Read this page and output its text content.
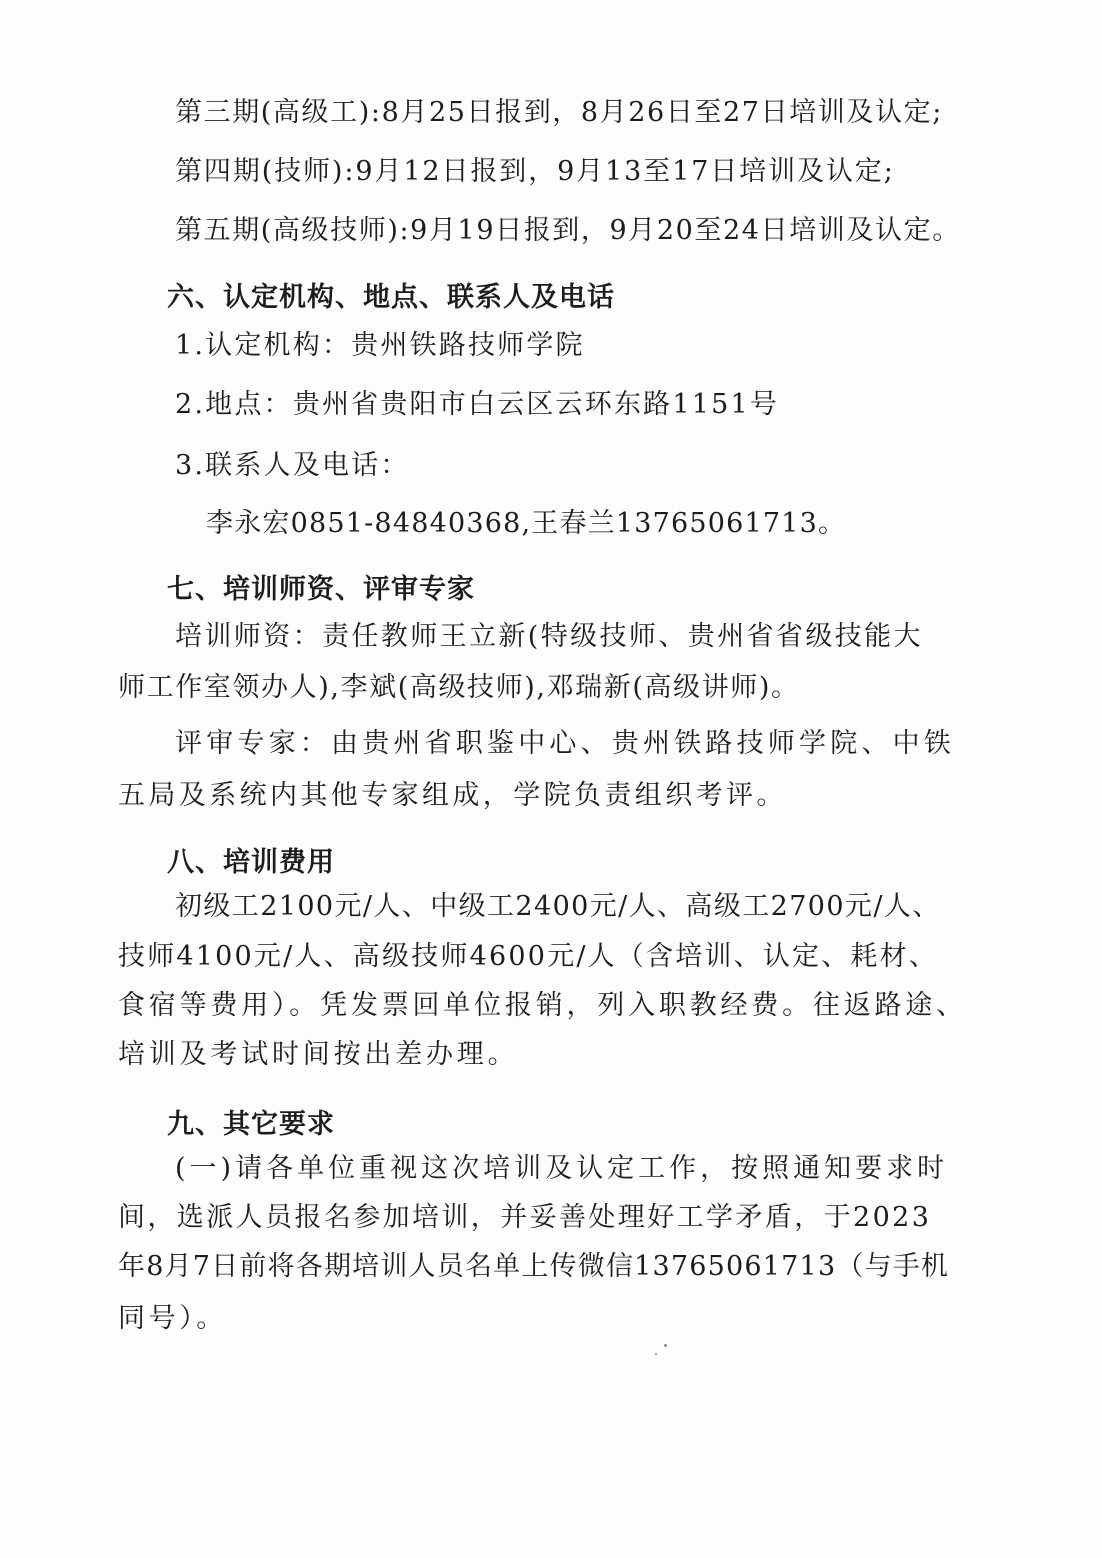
第三期(高级工):8月25日报到，8月26日至27日培训及认定;
第四期(技师):9月12日报到，9月13至17日培训及认定;
第五期(高级技师):9月19日报到，9月20至24日培训及认定。
六、认定机构、地点、联系人及电话
1.认定机构：贵州铁路技师学院
2.地点：贵州省贵阳市白云区云环东路1151号
3.联系人及电话：
李永宏0851-84840368,王春兰13765061713。
七、培训师资、评审专家
培训师资：责任教师王立新(特级技师、贵州省省级技能大
师工作室领办人),李斌(高级技师),邓瑞新(高级讲师)。
评审专家：由贵州省职鉴中心、贵州铁路技师学院、中铁
五局及系统内其他专家组成，学院负责组织考评。
八、培训费用
初级工2100元/人、中级工2400元/人、高级工2700元/人、
技师4100元/人、高级技师4600元/人（含培训、认定、耗材、
食宿等费用）。凭发票回单位报销，列入职教经费。往返路途、
培训及考试时间按出差办理。
九、其它要求
(一)请各单位重视这次培训及认定工作，按照通知要求时
间，选派人员报名参加培训，并妥善处理好工学矛盾，于2023
年8月7日前将各期培训人员名单上传微信13765061713（与手机
同号）。
